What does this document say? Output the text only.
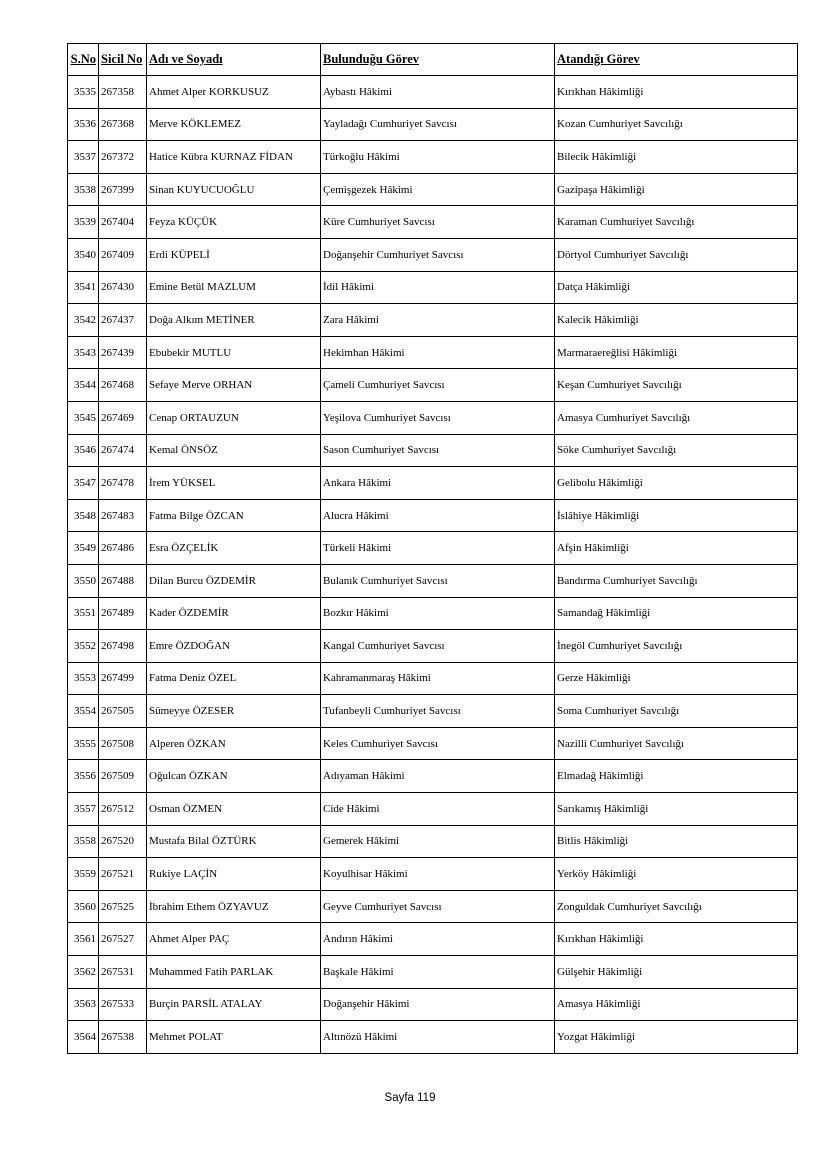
S.No	Sicil No	Adı ve Soyadı	Bulunduğu Görev	Atandığı Görev
3535	267358	Ahmet Alper KORKUSUZ	Aybastı Hâkimi	Kırıkhan Hâkimliği
3536	267368	Merve KÖKLEMEZ	Yayladağı Cumhuriyet Savcısı	Kozan Cumhuriyet Savcılığı
3537	267372	Hatice Kübra KURNAZ FİDAN	Türkoğlu Hâkimi	Bilecik Hâkimliği
3538	267399	Sinan KUYUCUOĞLU	Çemişgezek Hâkimi	Gazipaşa Hâkimliği
3539	267404	Feyza KÜÇÜK	Küre Cumhuriyet Savcısı	Karaman Cumhuriyet Savcılığı
3540	267409	Erdi KÜPELİ	Doğanşehir Cumhuriyet Savcısı	Dörtyol Cumhuriyet Savcılığı
3541	267430	Emine Betül MAZLUM	İdil Hâkimi	Datça Hâkimliği
3542	267437	Doğa Alkım METİNER	Zara Hâkimi	Kalecik Hâkimliği
3543	267439	Ebubekir MUTLU	Hekimhan Hâkimi	Marmaraereğlisi Hâkimliği
3544	267468	Sefaye Merve ORHAN	Çameli Cumhuriyet Savcısı	Keşan Cumhuriyet Savcılığı
3545	267469	Cenap ORTAUZUN	Yeşilova Cumhuriyet Savcısı	Amasya Cumhuriyet Savcılığı
3546	267474	Kemal ÖNSÖZ	Sason Cumhuriyet Savcısı	Söke Cumhuriyet Savcılığı
3547	267478	İrem YÜKSEL	Ankara Hâkimi	Gelibolu Hâkimliği
3548	267483	Fatma Bilge ÖZCAN	Alucra Hâkimi	İslâhiye Hâkimliği
3549	267486	Esra ÖZÇELİK	Türkeli Hâkimi	Afşin Hâkimliği
3550	267488	Dilan Burcu ÖZDEMİR	Bulanık Cumhuriyet Savcısı	Bandırma Cumhuriyet Savcılığı
3551	267489	Kader ÖZDEMİR	Bozkır Hâkimi	Samandağ Hâkimliği
3552	267498	Emre ÖZDOĞAN	Kangal Cumhuriyet Savcısı	İnegöl Cumhuriyet Savcılığı
3553	267499	Fatma Deniz ÖZEL	Kahramanmaraş Hâkimi	Gerze Hâkimliği
3554	267505	Sümeyye ÖZESER	Tufanbeyli Cumhuriyet Savcısı	Soma Cumhuriyet Savcılığı
3555	267508	Alperen ÖZKAN	Keles Cumhuriyet Savcısı	Nazilli Cumhuriyet Savcılığı
3556	267509	Oğulcan ÖZKAN	Adıyaman Hâkimi	Elmadağ Hâkimliği
3557	267512	Osman ÖZMEN	Cide Hâkimi	Sarıkamış Hâkimliği
3558	267520	Mustafa Bilal ÖZTÜRK	Gemerek Hâkimi	Bitlis Hâkimliği
3559	267521	Rukiye LAÇİN	Koyulhisar Hâkimi	Yerköy Hâkimliği
3560	267525	İbrahim Ethem ÖZYAVUZ	Geyve Cumhuriyet Savcısı	Zonguldak Cumhuriyet Savcılığı
3561	267527	Ahmet Alper PAÇ	Andırın Hâkimi	Kırıkhan Hâkimliği
3562	267531	Muhammed Fatih PARLAK	Başkale Hâkimi	Gülşehir Hâkimliği
3563	267533	Burçin PARSİL ATALAY	Doğanşehir Hâkimi	Amasya Hâkimliği
3564	267538	Mehmet POLAT	Altınözü Hâkimi	Yozgat Hâkimliği
Sayfa 119
